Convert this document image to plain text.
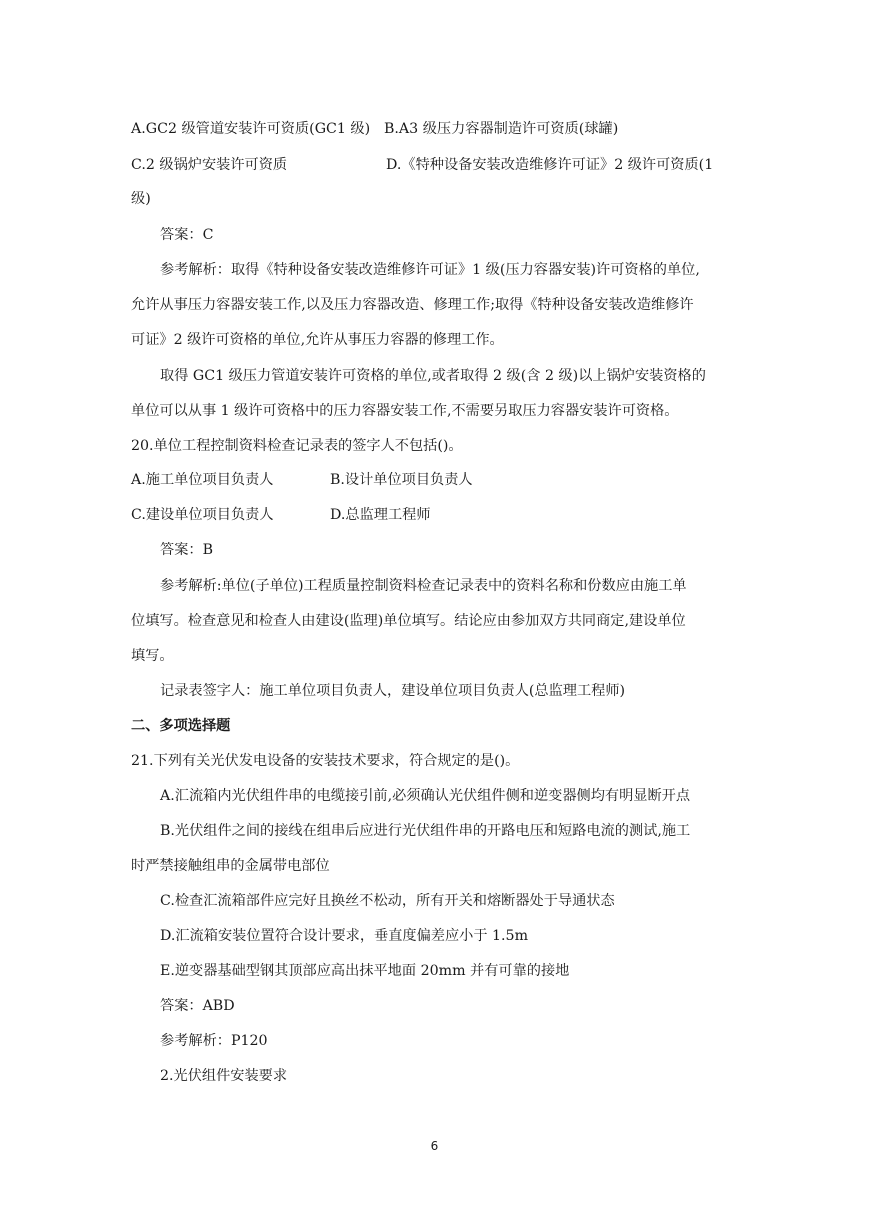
A.GC2 级管道安装许可资质(GC1 级) B.A3 级压力容器制造许可资质(球罐)
C.2 级锅炉安装许可资质	D.《特种设备安装改造维修许可证》2 级许可资质(1
级)
答案：C
参考解析：取得《特种设备安装改造维修许可证》1 级(压力容器安装)许可资格的单位,
允许从事压力容器安装工作,以及压力容器改造、修理工作;取得《特种设备安装改造维修许
可证》2 级许可资格的单位,允许从事压力容器的修理工作。
取得 GC1 级压力管道安装许可资格的单位,或者取得 2 级(含 2 级)以上锅炉安装资格的
单位可以从事 1 级许可资格中的压力容器安装工作,不需要另取压力容器安装许可资格。
20.单位工程控制资料检查记录表的签字人不包括()。
A.施工单位项目负责人	B.设计单位项目负责人
C.建设单位项目负责人	D.总监理工程师
答案：B
参考解析:单位(子单位)工程质量控制资料检查记录表中的资料名称和份数应由施工单
位填写。检查意见和检查人由建设(监理)单位填写。结论应由参加双方共同商定,建设单位
填写。
记录表签字人：施工单位项目负责人，建设单位项目负责人(总监理工程师)
二、多项选择题
21.下列有关光伏发电设备的安装技术要求，符合规定的是()。
A.汇流箱内光伏组件串的电缆接引前,必须确认光伏组件侧和逆变器侧均有明显断开点
B.光伏组件之间的接线在组串后应进行光伏组件串的开路电压和短路电流的测试,施工
时严禁接触组串的金属带电部位
C.检查汇流箱部件应完好且换丝不松动，所有开关和熔断器处于导通状态
D.汇流箱安装位置符合设计要求，垂直度偏差应小于 1.5m
E.逆变器基础型钢其顶部应高出抹平地面 20mm 并有可靠的接地
答案：ABD
参考解析：P120
2.光伏组件安装要求
6
